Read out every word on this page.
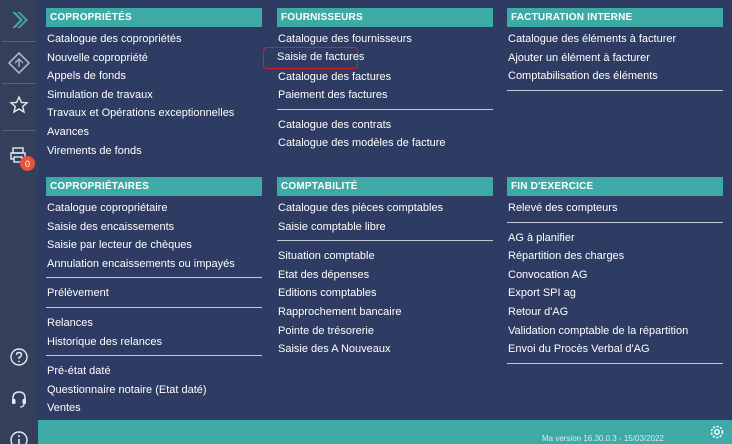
0
COPROPRIÉTÉS
Catalogue des copropriétés
Nouvelle copropriété
Appels de fonds
Simulation de travaux
Travaux et Opérations exceptionnelles
Avances
Virements de fonds
FOURNISSEURS
Catalogue des fournisseurs
Saisie de factures
Catalogue des factures
Paiement des factures
Catalogue des contrats
Catalogue des modèles de facture
FACTURATION INTERNE
Catalogue des éléments à facturer
Ajouter un élément à facturer
Comptabilisation des éléments
COPROPRIÉTAIRES
Catalogue copropriétaire
Saisie des encaissements
Saisie par lecteur de chèques
Annulation encaissements ou impayés
Prélèvement
Relances
Historique des relances
Pré-état daté
Questionnaire notaire (Etat daté)
Ventes
COMPTABILITÉ
Catalogue des pièces comptables
Saisie comptable libre
Situation comptable
Etat des dépenses
Editions comptables
Rapprochement bancaire
Pointe de trésorerie
Saisie des A Nouveaux
FIN D'EXERCICE
Relevé des compteurs
AG à planifier
Répartition des charges
Convocation AG
Export SPI ag
Retour d'AG
Validation comptable de la répartition
Envoi du Procès Verbal d'AG
Ma version 16.30.0.3 - 15/03/2022
